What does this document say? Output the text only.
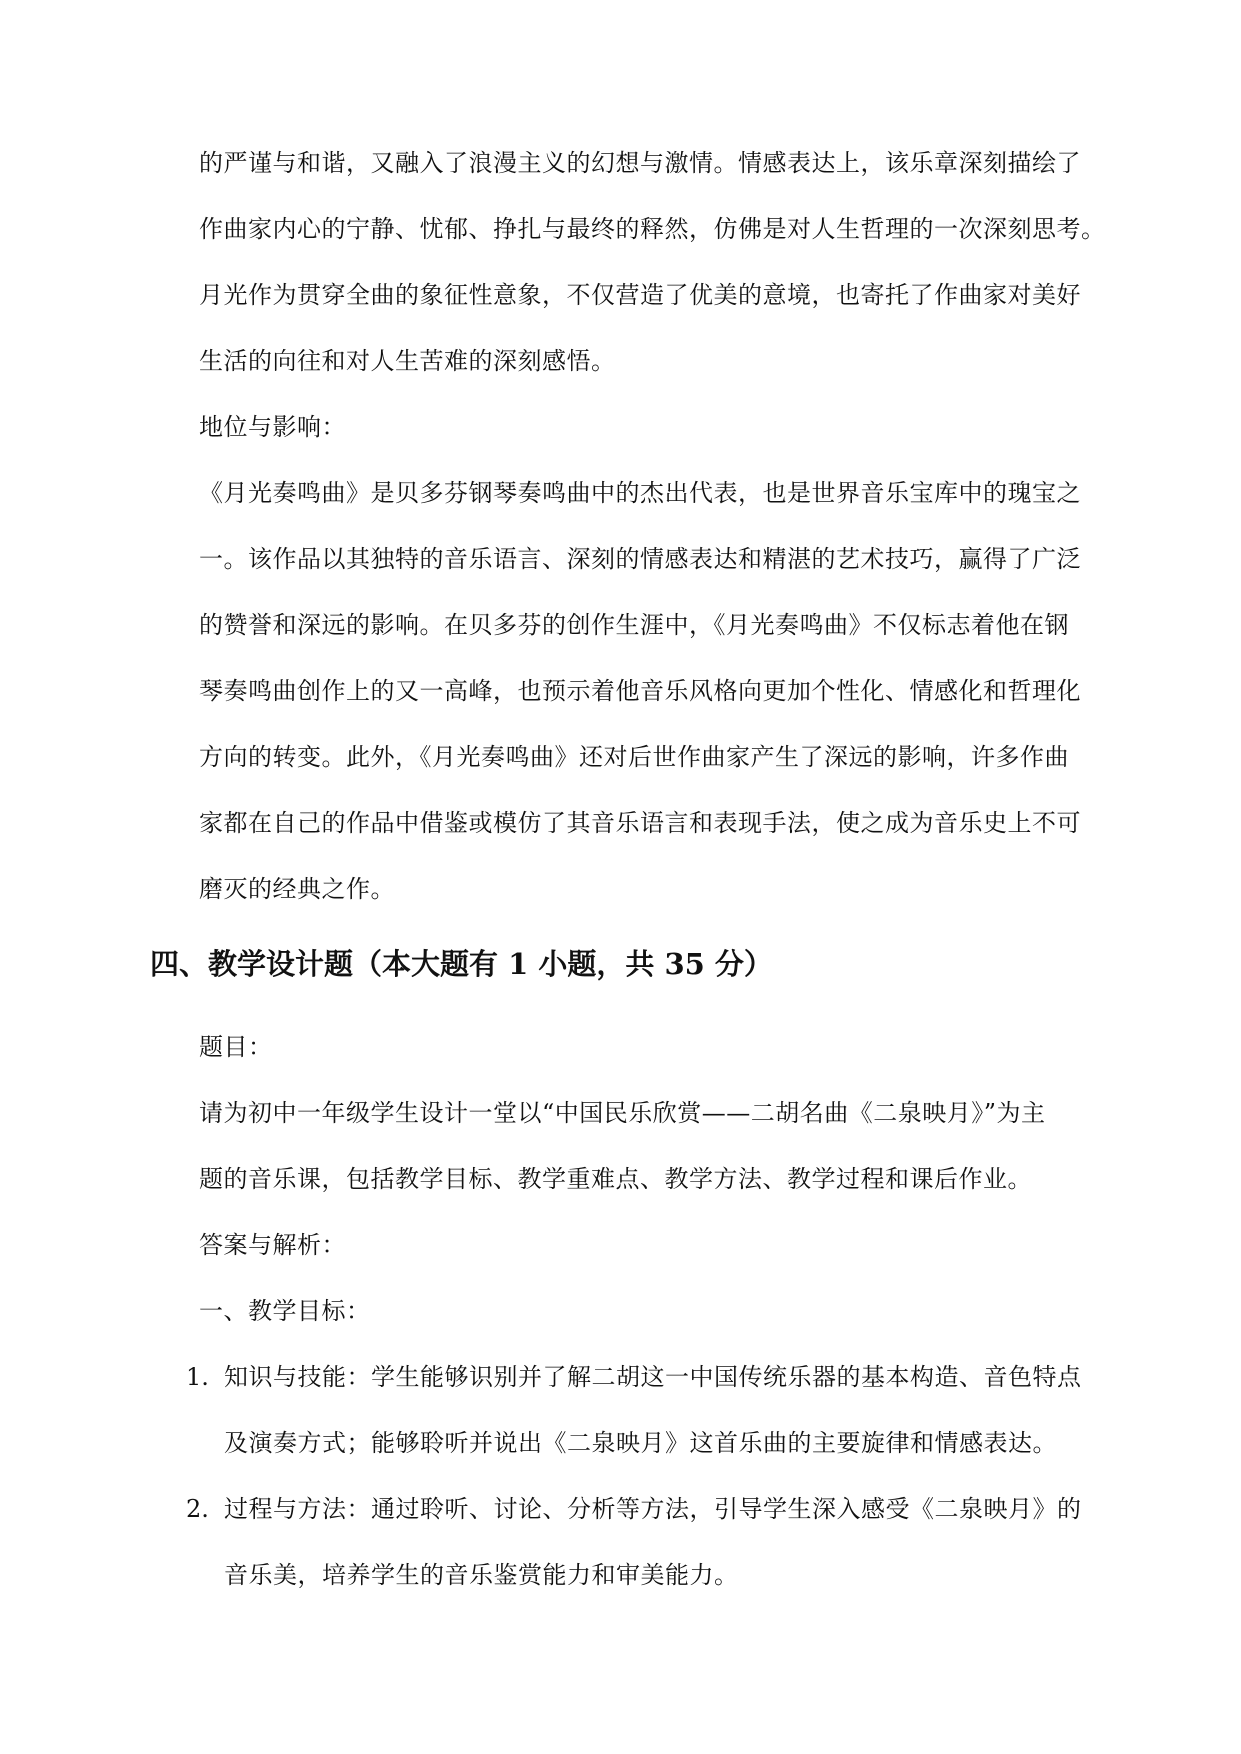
的严谨与和谐，又融入了浪漫主义的幻想与激情。情感表达上，该乐章深刻描绘了
作曲家内心的宁静、忧郁、挣扎与最终的释然，仿佛是对人生哲理的一次深刻思考。
月光作为贯穿全曲的象征性意象，不仅营造了优美的意境，也寄托了作曲家对美好
生活的向往和对人生苦难的深刻感悟。
地位与影响：
《月光奏鸣曲》是贝多芬钢琴奏鸣曲中的杰出代表，也是世界音乐宝库中的瑰宝之
一。该作品以其独特的音乐语言、深刻的情感表达和精湛的艺术技巧，赢得了广泛
的赞誉和深远的影响。在贝多芬的创作生涯中，《月光奏鸣曲》不仅标志着他在钢
琴奏鸣曲创作上的又一高峰，也预示着他音乐风格向更加个性化、情感化和哲理化
方向的转变。此外，《月光奏鸣曲》还对后世作曲家产生了深远的影响，许多作曲
家都在自己的作品中借鉴或模仿了其音乐语言和表现手法，使之成为音乐史上不可
磨灭的经典之作。
四、教学设计题（本大题有 1 小题，共 35 分）
题目：
请为初中一年级学生设计一堂以“中国民乐欣赏——二胡名曲《二泉映月》”为主
题的音乐课，包括教学目标、教学重难点、教学方法、教学过程和课后作业。
答案与解析：
一、教学目标：
1. 知识与技能：学生能够识别并了解二胡这一中国传统乐器的基本构造、音色特点
及演奏方式；能够聆听并说出《二泉映月》这首乐曲的主要旋律和情感表达。
2. 过程与方法：通过聆听、讨论、分析等方法，引导学生深入感受《二泉映月》的
音乐美，培养学生的音乐鉴赏能力和审美能力。
